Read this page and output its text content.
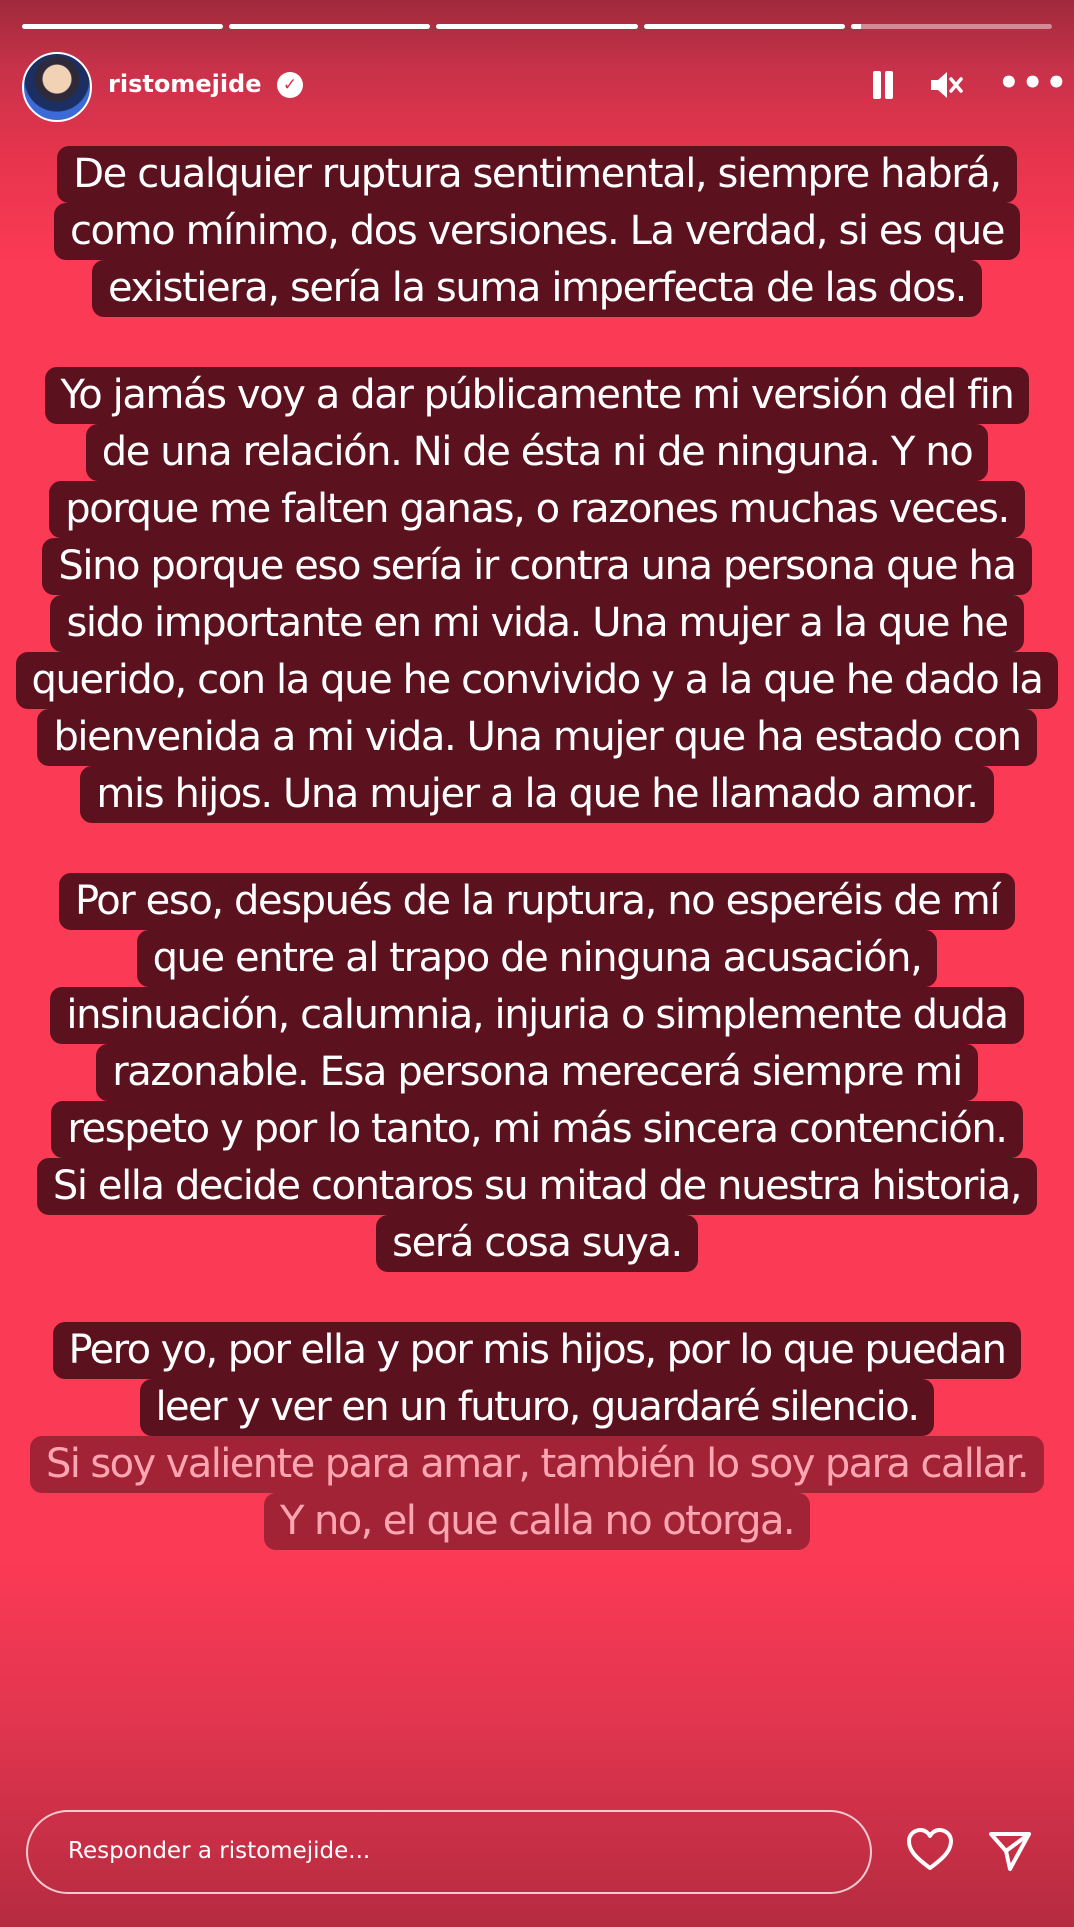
ristomejide	✓	•••
De cualquier ruptura sentimental, siempre habrá,
como mínimo, dos versiones. La verdad, si es que
existiera, sería la suma imperfecta de las dos.
Yo jamás voy a dar públicamente mi versión del fin
de una relación. Ni de ésta ni de ninguna. Y no
porque me falten ganas, o razones muchas veces.
Sino porque eso sería ir contra una persona que ha
sido importante en mi vida. Una mujer a la que he
querido, con la que he convivido y a la que he dado la
bienvenida a mi vida. Una mujer que ha estado con
mis hijos. Una mujer a la que he llamado amor.
Por eso, después de la ruptura, no esperéis de mí
que entre al trapo de ninguna acusación,
insinuación, calumnia, injuria o simplemente duda
razonable. Esa persona merecerá siempre mi
respeto y por lo tanto, mi más sincera contención.
Si ella decide contaros su mitad de nuestra historia,
será cosa suya.
Pero yo, por ella y por mis hijos, por lo que puedan
leer y ver en un futuro, guardaré silencio.
Si soy valiente para amar, también lo soy para callar.
Y no, el que calla no otorga.
Responder a ristomejide...
